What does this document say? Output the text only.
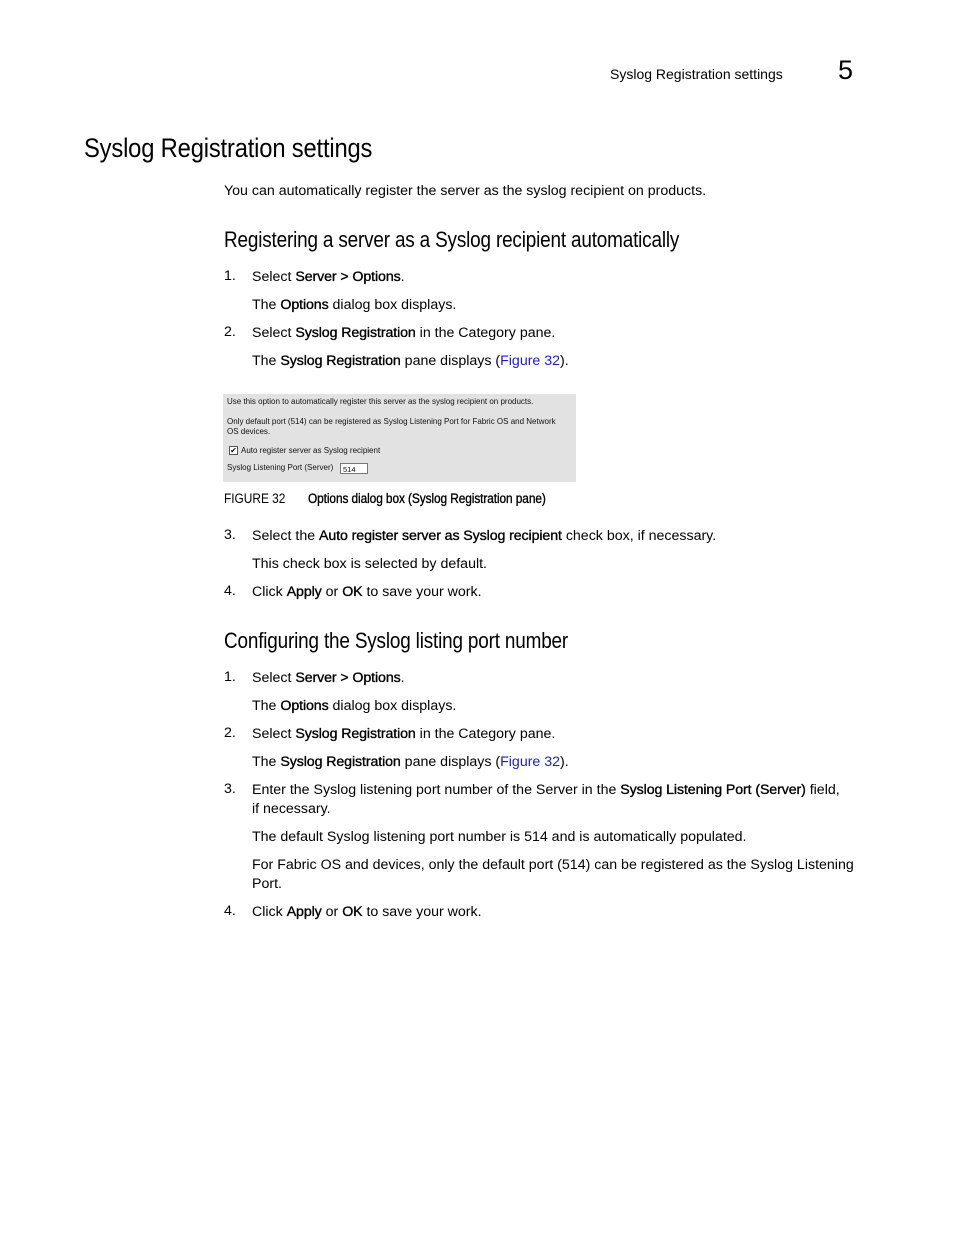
Syslog Registration settings 5
Syslog Registration settings
You can automatically register the server as the syslog recipient on products.
Registering a server as a Syslog recipient automatically
1. Select Server > Options.
The Options dialog box displays.
2. Select Syslog Registration in the Category pane.
The Syslog Registration pane displays (Figure 32).
Use this option to automatically register this server as the syslog recipient on products.
Only default port (514) can be registered as Syslog Listening Port for Fabric OS and Network
OS devices.
✔ Auto register server as Syslog recipient
Syslog Listening Port (Server)	514
FIGURE 32 Options dialog box (Syslog Registration pane)
3. Select the Auto register server as Syslog recipient check box, if necessary.
This check box is selected by default.
4. Click Apply or OK to save your work.
Configuring the Syslog listing port number
1. Select Server > Options.
The Options dialog box displays.
2. Select Syslog Registration in the Category pane.
The Syslog Registration pane displays (Figure 32).
3. Enter the Syslog listening port number of the Server in the Syslog Listening Port (Server) field,
if necessary.
The default Syslog listening port number is 514 and is automatically populated.
For Fabric OS and devices, only the default port (514) can be registered as the Syslog Listening
Port.
4. Click Apply or OK to save your work.
